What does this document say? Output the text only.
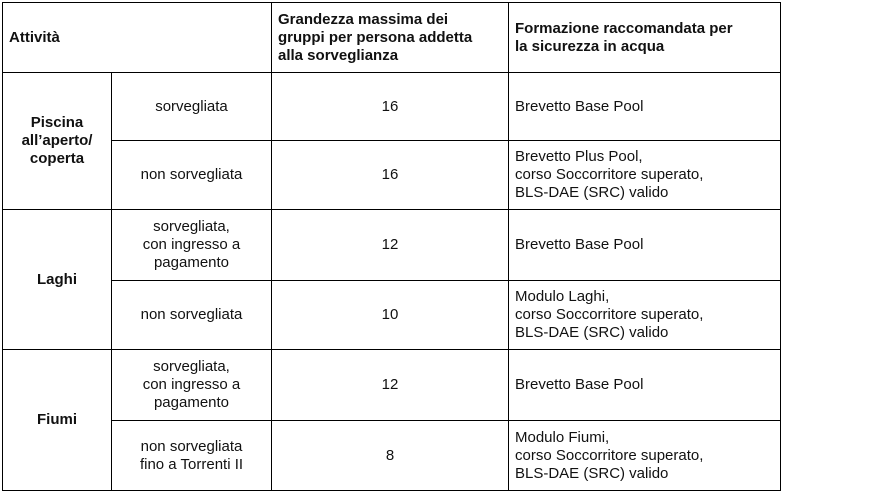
Attività		Grandezza massima dei
gruppi per persona addetta
alla sorveglianza	Formazione raccomandata per
la sicurezza in acqua

Piscina
all’aperto/
coperta	sorvegliata	16	Brevetto Base Pool

	non sorvegliata	16	Brevetto Plus Pool,
corso Soccorritore superato,
BLS-DAE (SRC) valido

Laghi	sorvegliata,
con ingresso a
pagamento	12	Brevetto Base Pool

	non sorvegliata	10	Modulo Laghi,
corso Soccorritore superato,
BLS-DAE (SRC) valido

Fiumi	sorvegliata,
con ingresso a
pagamento	12	Brevetto Base Pool

	non sorvegliata
fino a Torrenti II	8	Modulo Fiumi,
corso Soccorritore superato,
BLS-DAE (SRC) valido
